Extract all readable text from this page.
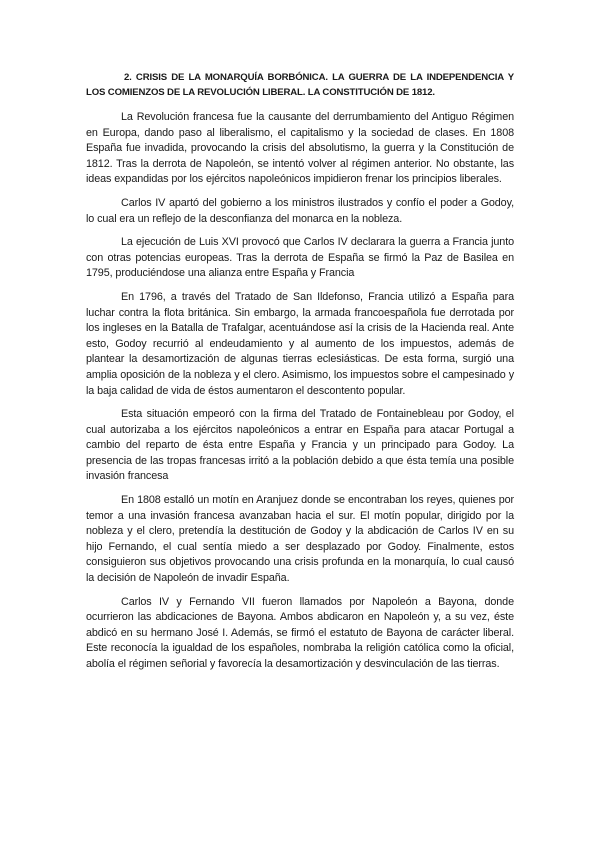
2. CRISIS DE LA MONARQUÍA BORBÓNICA. LA GUERRA DE LA INDEPENDENCIA Y LOS COMIENZOS DE LA REVOLUCIÓN LIBERAL. LA CONSTITUCIÓN DE 1812.

La Revolución francesa fue la causante del derrumbamiento del Antiguo Régimen en Europa, dando paso al liberalismo, el capitalismo y la sociedad de clases. En 1808 España fue invadida, provocando la crisis del absolutismo, la guerra y la Constitución de 1812. Tras la derrota de Napoleón, se intentó volver al régimen anterior. No obstante, las ideas expandidas por los ejércitos napoleónicos impidieron frenar los principios liberales.

Carlos IV apartó del gobierno a los ministros ilustrados y confío el poder a Godoy, lo cual era un reflejo de la desconfianza del monarca en la nobleza.

La ejecución de Luis XVI provocó que Carlos IV declarara la guerra a Francia junto con otras potencias europeas. Tras la derrota de España se firmó la Paz de Basilea en 1795, produciéndose una alianza entre España y Francia

En 1796, a través del Tratado de San Ildefonso, Francia utilizó a España para luchar contra la flota británica. Sin embargo, la armada francoespañola fue derrotada por los ingleses en la Batalla de Trafalgar, acentuándose así la crisis de la Hacienda real. Ante esto, Godoy recurrió al endeudamiento y al aumento de los impuestos, además de plantear la desamortización de algunas tierras eclesiásticas. De esta forma, surgió una amplia oposición de la nobleza y el clero. Asimismo, los impuestos sobre el campesinado y la baja calidad de vida de éstos aumentaron el descontento popular.

Esta situación empeoró con la firma del Tratado de Fontainebleau por Godoy, el cual autorizaba a los ejércitos napoleónicos a entrar en España para atacar Portugal a cambio del reparto de ésta entre España y Francia y un principado para Godoy. La presencia de las tropas francesas irritó a la población debido a que ésta temía una posible invasión francesa

En 1808 estalló un motín en Aranjuez donde se encontraban los reyes, quienes por temor a una invasión francesa avanzaban hacia el sur. El motín popular, dirigido por la nobleza y el clero, pretendía la destitución de Godoy y la abdicación de Carlos IV en su hijo Fernando, el cual sentía miedo a ser desplazado por Godoy. Finalmente, estos consiguieron sus objetivos provocando una crisis profunda en la monarquía, lo cual causó la decisión de Napoleón de invadir España.

Carlos IV y Fernando VII fueron llamados por Napoleón a Bayona, donde ocurrieron las abdicaciones de Bayona. Ambos abdicaron en Napoleón y, a su vez, éste abdicó en su hermano José I. Además, se firmó el estatuto de Bayona de carácter liberal. Este reconocía la igualdad de los españoles, nombraba la religión católica como la oficial, abolía el régimen señorial y favorecía la desamortización y desvinculación de las tierras.
